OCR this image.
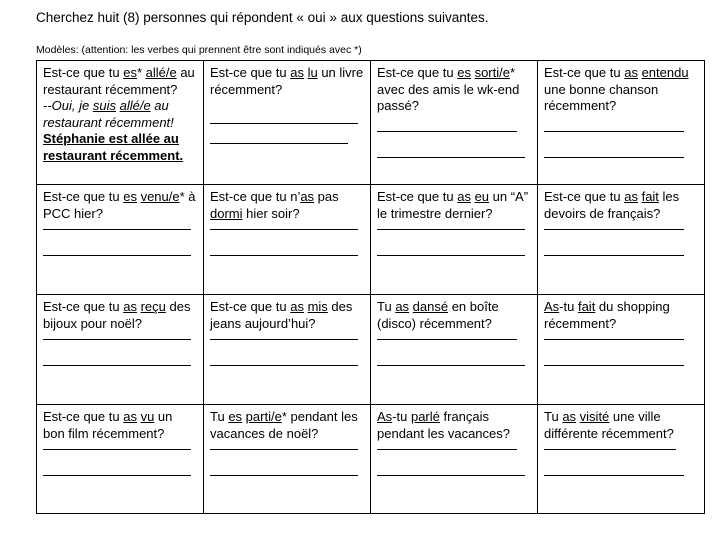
Cherchez huit (8) personnes qui répondent « oui » aux questions suivantes.
Modèles: (attention: les verbes qui prennent être sont indiqués avec *)
Est-ce que tu es* allé/e au restaurant récemment?
--Oui, je suis allé/e au restaurant récemment!
Stéphanie est allée au restaurant récemment.	Est-ce que tu as lu un livre récemment?	Est-ce que tu es sorti/e* avec des amis le wk-end passé?	Est-ce que tu as entendu une bonne chanson récemment?

Est-ce que tu es venu/e* à PCC hier?	Est-ce que tu n’as pas dormi hier soir?	Est-ce que tu as eu un “A” le trimestre dernier?	Est-ce que tu as fait les devoirs de français?

Est-ce que tu as reçu des bijoux pour noël?	Est-ce que tu as mis des jeans aujourd’hui?	Tu as dansé en boîte (disco) récemment?	As-tu fait du shopping récemment?

Est-ce que tu as vu un bon film récemment?	Tu es parti/e* pendant les vacances de noël?	As-tu parlé français pendant les vacances?	Tu as visité une ville différente récemment?
